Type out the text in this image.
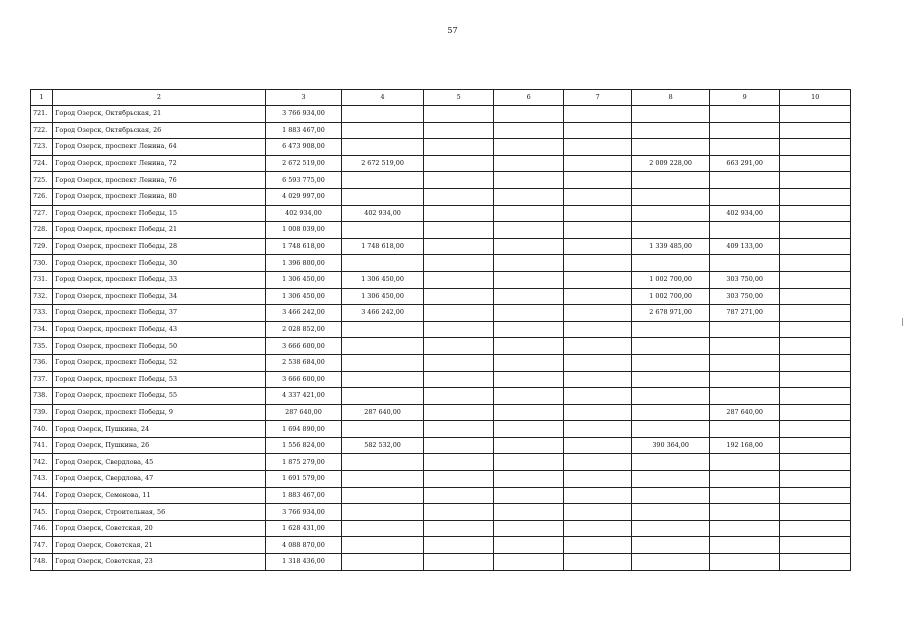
57
1	2	3	4	5	6	7	8	9	10
721.	Город Озерск, Октябрьская, 21	3 766 934,00							
722.	Город Озерск, Октябрьская, 26	1 883 467,00							
723.	Город Озерск, проспект Ленина, 64	6 473 908,00							
724.	Город Озерск, проспект Ленина, 72	2 672 519,00	2 672 519,00				2 009 228,00	663 291,00	
725.	Город Озерск, проспект Ленина, 76	6 593 775,00							
726.	Город Озерск, проспект Ленина, 80	4 029 997,00							
727.	Город Озерск, проспект Победы, 15	402 934,00	402 934,00					402 934,00	
728.	Город Озерск, проспект Победы, 21	1 008 039,00							
729.	Город Озерск, проспект Победы, 28	1 748 618,00	1 748 618,00				1 339 485,00	409 133,00	
730.	Город Озерск, проспект Победы, 30	1 396 800,00							
731.	Город Озерск, проспект Победы, 33	1 306 450,00	1 306 450,00				1 002 700,00	303 750,00	
732.	Город Озерск, проспект Победы, 34	1 306 450,00	1 306 450,00				1 002 700,00	303 750,00	
733.	Город Озерск, проспект Победы, 37	3 466 242,00	3 466 242,00				2 678 971,00	787 271,00	
734.	Город Озерск, проспект Победы, 43	2 028 852,00							
735.	Город Озерск, проспект Победы, 50	3 666 600,00							
736.	Город Озерск, проспект Победы, 52	2 538 684,00							
737.	Город Озерск, проспект Победы, 53	3 666 600,00							
738.	Город Озерск, проспект Победы, 55	4 337 421,00							
739.	Город Озерск, проспект Победы, 9	287 640,00	287 640,00					287 640,00	
740.	Город Озерск, Пушкина, 24	1 694 890,00							
741.	Город Озерск, Пушкина, 26	1 556 824,00	582 532,00				390 364,00	192 168,00	
742.	Город Озерск, Свердлова, 45	1 875 279,00							
743.	Город Озерск, Свердлова, 47	1 691 579,00							
744.	Город Озерск, Семенова, 11	1 883 467,00							
745.	Город Озерск, Строительная, 56	3 766 934,00							
746.	Город Озерск, Советская, 20	1 628 431,00							
747.	Город Озерск, Советская, 21	4 088 870,00							
748.	Город Озерск, Советская, 23	1 318 436,00							
